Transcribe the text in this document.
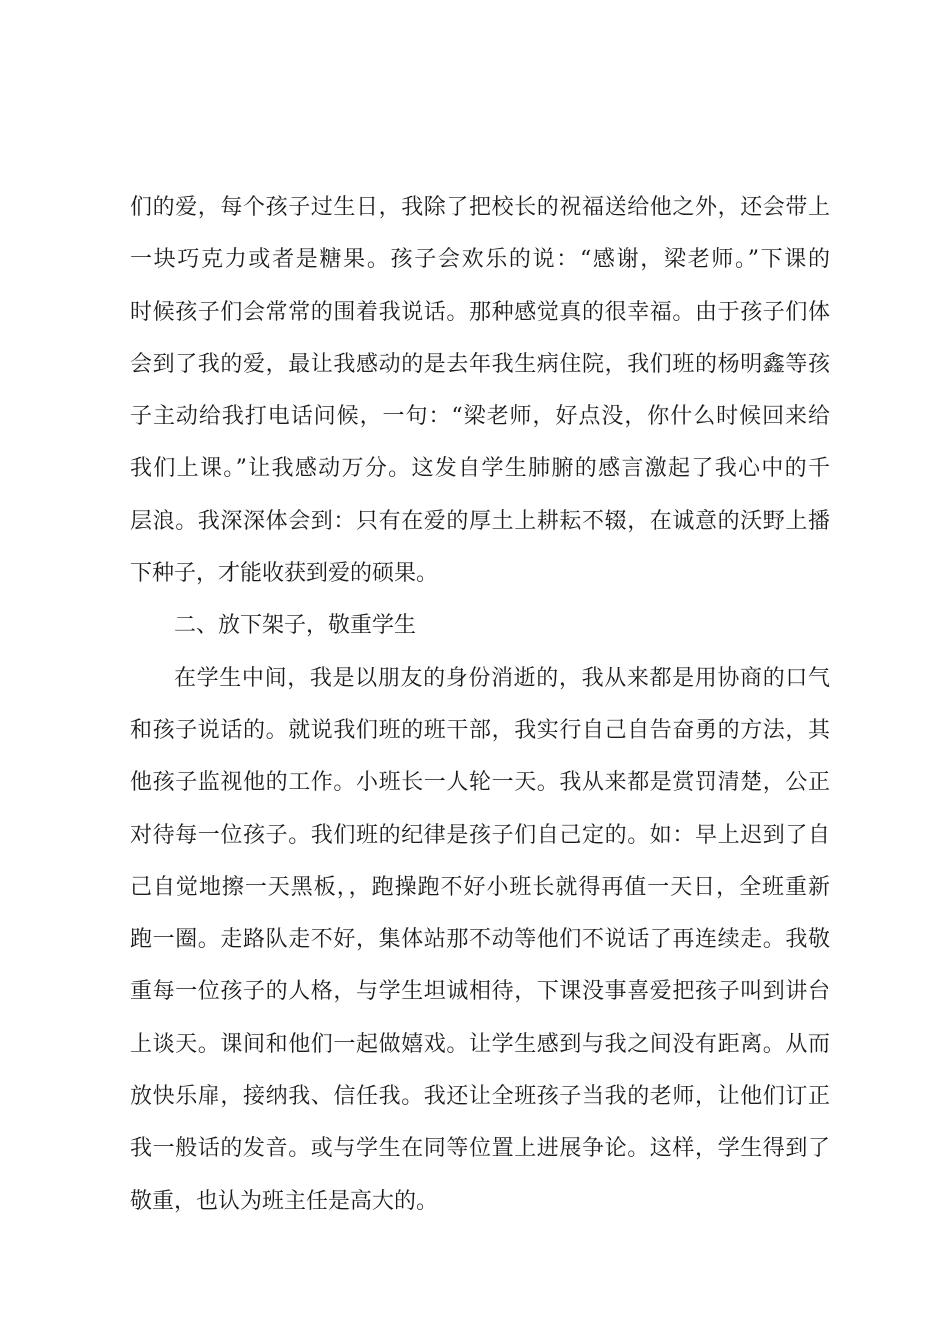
们的爱，每个孩子过生日，我除了把校长的祝福送给他之外，还会带上
一块巧克力或者是糖果。孩子会欢乐的说：“感谢，梁老师。”下课的
时候孩子们会常常的围着我说话。那种感觉真的很幸福。由于孩子们体
会到了我的爱，最让我感动的是去年我生病住院，我们班的杨明鑫等孩
子主动给我打电话问候，一句：“梁老师，好点没，你什么时候回来给
我们上课。”让我感动万分。这发自学生肺腑的感言激起了我心中的千
层浪。我深深体会到：只有在爱的厚土上耕耘不辍，在诚意的沃野上播
下种子，才能收获到爱的硕果。
二、放下架子，敬重学生
在学生中间，我是以朋友的身份消逝的，我从来都是用协商的口气
和孩子说话的。就说我们班的班干部，我实行自己自告奋勇的方法，其
他孩子监视他的工作。小班长一人轮一天。我从来都是赏罚清楚，公正
对待每一位孩子。我们班的纪律是孩子们自己定的。如：早上迟到了自
己自觉地擦一天黑板，，跑操跑不好小班长就得再值一天日，全班重新
跑一圈。走路队走不好，集体站那不动等他们不说话了再连续走。我敬
重每一位孩子的人格，与学生坦诚相待，下课没事喜爱把孩子叫到讲台
上谈天。课间和他们一起做嬉戏。让学生感到与我之间没有距离。从而
放快乐扉，接纳我、信任我。我还让全班孩子当我的老师，让他们订正
我一般话的发音。或与学生在同等位置上进展争论。这样，学生得到了
敬重，也认为班主任是高大的。
